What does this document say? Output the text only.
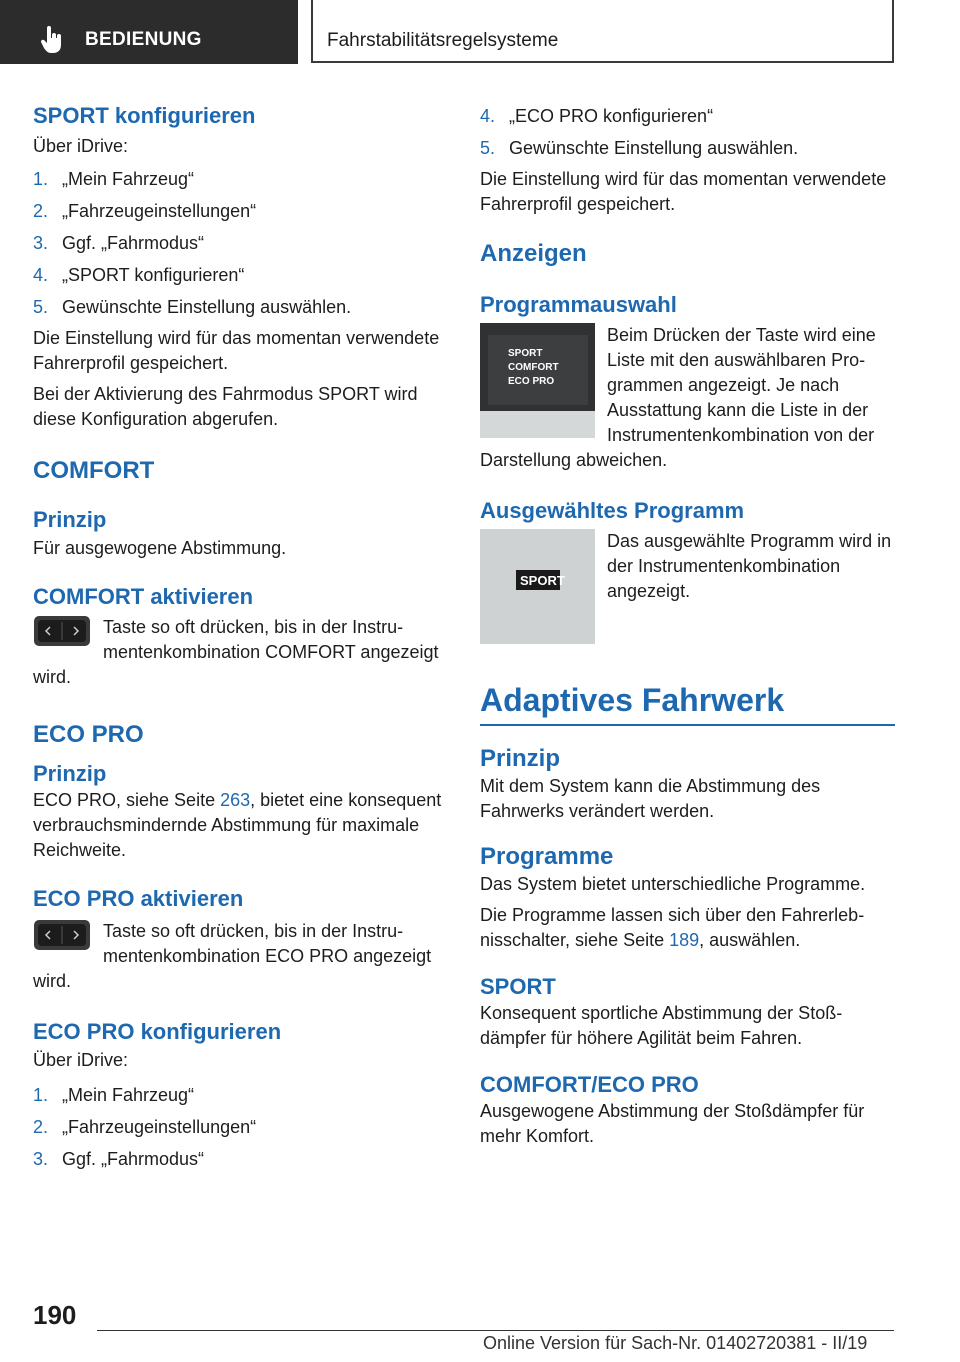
BEDIENUNG	Fahrstabilitätsregelsysteme
SPORT konfigurieren

Über iDrive:

1. „Mein Fahrzeug“
2. „Fahrzeugeinstellungen“
3. Ggf. „Fahrmodus“
4. „SPORT konfigurieren“
5. Gewünschte Einstellung auswählen.

Die Einstellung wird für das momentan verwendete Fahrerprofil gespeichert.

Bei der Aktivierung des Fahrmodus SPORT wird diese Konfiguration abgerufen.

COMFORT
Prinzip

Für ausgewogene Abstimmung.

COMFORT aktivieren
Taste so oft drücken, bis in der Instrumentenkombination COMFORT angezeigt wird.
ECO PRO
Prinzip

ECO PRO, siehe Seite 263, bietet eine konsequent verbrauchsmindernde Abstimmung für maximale Reichweite.

ECO PRO aktivieren
Taste so oft drücken, bis in der Instrumentenkombination ECO PRO angezeigt wird.
ECO PRO konfigurieren

Über iDrive:

1. „Mein Fahrzeug“
2. „Fahrzeugeinstellungen“
3. Ggf. „Fahrmodus“
4. „ECO PRO konfigurieren“
5. Gewünschte Einstellung auswählen.

Die Einstellung wird für das momentan verwendete Fahrerprofil gespeichert.

Anzeigen
Programmauswahl
SPORT
COMFORT
ECO PRO
Beim Drücken der Taste wird eine Liste mit den auswählbaren Programmen angezeigt. Je nach Ausstattung kann die Liste in der Instrumentenkombination von der Darstellung abweichen.
Ausgewähltes Programm
SPORT
Das ausgewählte Programm wird in der Instrumentenkombination angezeigt.
Adaptives Fahrwerk
Prinzip

Mit dem System kann die Abstimmung des Fahrwerks verändert werden.

Programme

Das System bietet unterschiedliche Programme.

Die Programme lassen sich über den Fahrerlebnisschalter, siehe Seite 189, auswählen.

SPORT

Konsequent sportliche Abstimmung der Stoßdämpfer für höhere Agilität beim Fahren.

COMFORT/ECO PRO

Ausgewogene Abstimmung der Stoßdämpfer für mehr Komfort.

190
Online Version für Sach-Nr. 01402720381 - II/19
